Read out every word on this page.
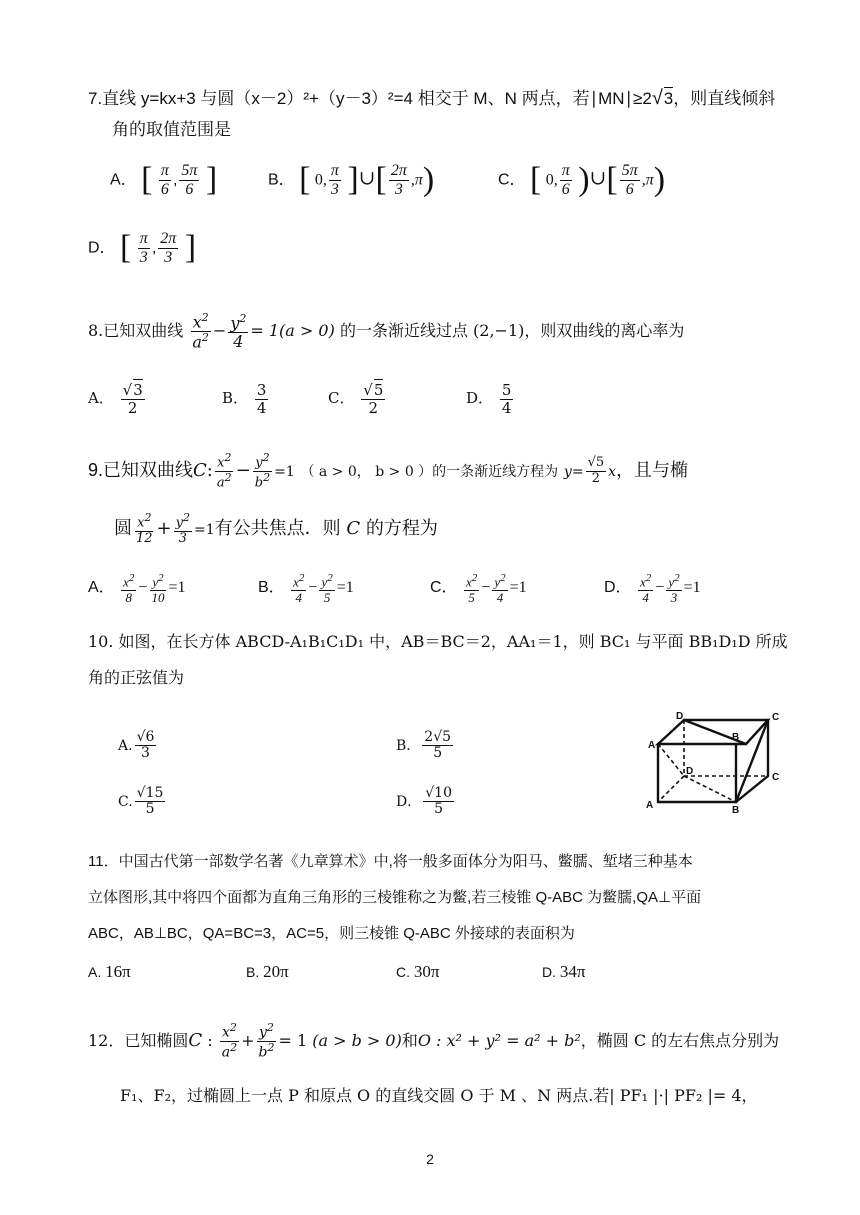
7.直线 y=kx+3 与圆（x－2）²+（y－3）²=4 相交于 M、N 两点，若∣MN∣≥2√3，则直线倾斜
角的取值范围是
A． [ $\frac{\pi}{6}$ , $\frac{5\pi}{6}$ ]	B． [ 0, $\frac{\pi}{3}$ ]∪[ $\frac{2\pi}{3} ,\pi$)	C． [ 0, $\frac{\pi}{6}$ )∪[ $\frac{5\pi}{6} ,\pi$)
D． [ $\frac{\pi}{3}$ , $\frac{2\pi}{3}$ ]
8.已知双曲线 $\frac{x^2}{a^2} - \frac{y^2}{4} = 1(a > 0)$ 的一条渐近线过点 (2,−1)，则双曲线的离心率为
A． $\frac{√3}{2}$	B． $\frac{3}{4}$	C． $\frac{√5}{2}$	D． $\frac{5}{4}$
9.已知双曲线C: $\frac{x^2}{a^2} - \frac{y^2}{b^2} =1$ （ a > 0， b > 0 ）的一条渐近线方程为 $y= \frac{√5}{2}$ x，且与椭
圆 $\frac{x^2}{12} + \frac{y^2}{3} =1$有公共焦点．则 C 的方程为
A． $\frac{x^2}{8} - \frac{y^2}{10} =1$	B． $\frac{x^2}{4} - \frac{y^2}{5} =1$	C． $\frac{x^2}{5} - \frac{y^2}{4} =1$	D． $\frac{x^2}{4} - \frac{y^2}{3} =1$
10. 如图，在长方体 ABCD-A₁B₁C₁D₁ 中，AB＝BC＝2，AA₁＝1，则 BC₁ 与平面 BB₁D₁D 所成
角的正弦值为
A. $\frac{√6}{3}$	B． $\frac{2√5}{5}$
C. $\frac{√15}{5}$	D． $\frac{√10}{5}$
D	C
A
B
D
C
A	B
11．中国古代第一部数学名著《九章算术》中,将一般多面体分为阳马、鳖臑、堑堵三种基本
立体图形,其中将四个面都为直角三角形的三棱锥称之为鳖,若三棱锥 Q-ABC 为鳖臑,QA⊥平面
ABC，AB⊥BC，QA=BC=3，AC=5，则三棱锥 Q-ABC 外接球的表面积为
A. 16π	B. 20π	C. 30π	D. 34π
12．已知椭圆C : $\frac{x^2}{a^2} + \frac{y^2}{b^2} = 1$ (a > b > 0)和O : x² + y² = a² + b²，椭圆 C 的左右焦点分别为
F₁、F₂，过椭圆上一点 P 和原点 O 的直线交圆 O 于 M 、N 两点.若| PF₁ |·| PF₂ |= 4，
2
